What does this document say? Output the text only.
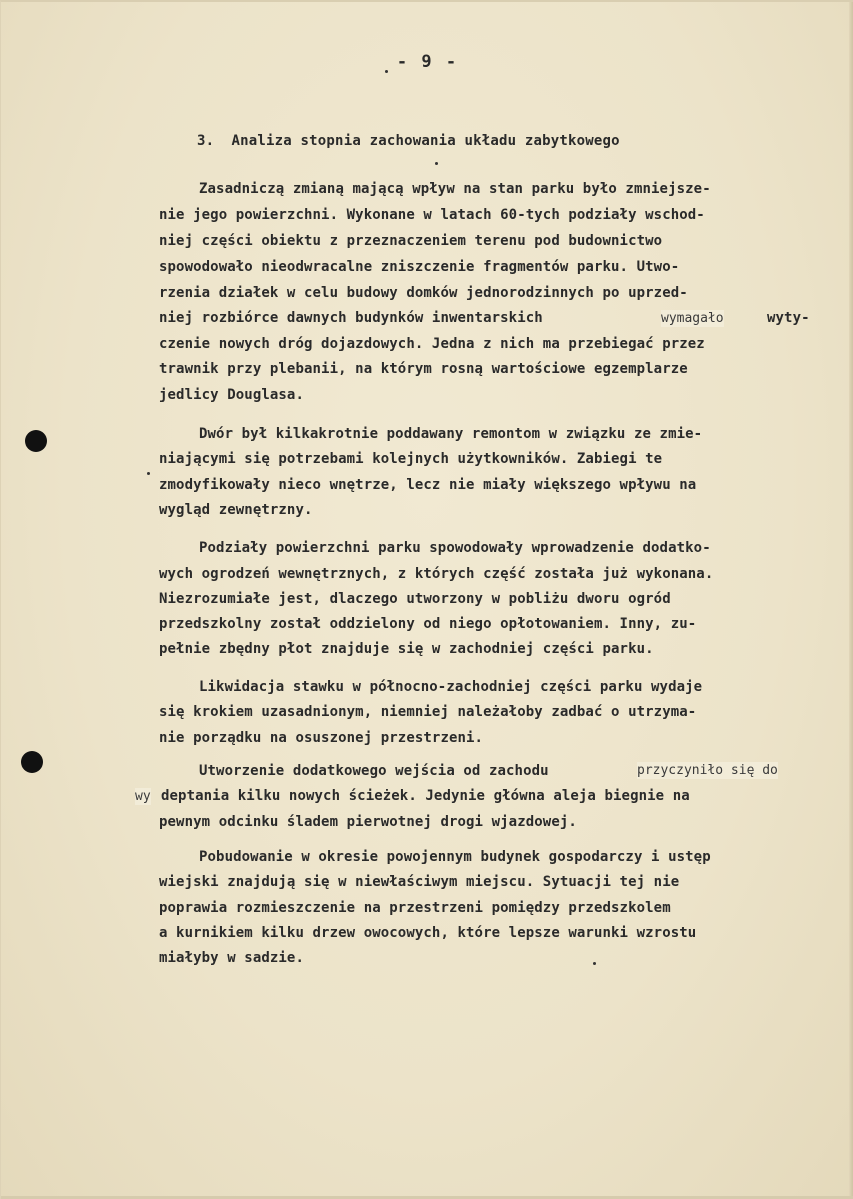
- 9 -
3.  Analiza stopnia zachowania układu zabytkowego
Zasadniczą zmianą mającą wpływ na stan parku było zmniejsze-
nie jego powierzchni. Wykonane w latach 60-tych podziały wschod-
niej części obiektu z przeznaczeniem terenu pod budownictwo
spowodowało nieodwracalne zniszczenie fragmentów parku. Utwo-
rzenia działek w celu budowy domków jednorodzinnych po uprzed-
niej rozbiórce dawnych budynków inwentarskich	wymagało	wyty-
czenie nowych dróg dojazdowych. Jedna z nich ma przebiegać przez
trawnik przy plebanii, na którym rosną wartościowe egzemplarze
jedlicy Douglasa.
Dwór był kilkakrotnie poddawany remontom w związku ze zmie-
niającymi się potrzebami kolejnych użytkowników. Zabiegi te
zmodyfikowały nieco wnętrze, lecz nie miały większego wpływu na
wygląd zewnętrzny.
Podziały powierzchni parku spowodowały wprowadzenie dodatko-
wych ogrodzeń wewnętrznych, z których część została już wykonana.
Niezrozumiałe jest, dlaczego utworzony w pobliżu dworu ogród
przedszkolny został oddzielony od niego opłotowaniem. Inny, zu-
pełnie zbędny płot znajduje się w zachodniej części parku.
Likwidacja stawku w północno-zachodniej części parku wydaje
się krokiem uzasadnionym, niemniej należałoby zadbać o utrzyma-
nie porządku na osuszonej przestrzeni.
Utworzenie dodatkowego wejścia od zachodu	przyczyniło się do
wy deptania kilku nowych ścieżek. Jedynie główna aleja biegnie na
pewnym odcinku śladem pierwotnej drogi wjazdowej.
Pobudowanie w okresie powojennym budynek gospodarczy i ustęp
wiejski znajdują się w niewłaściwym miejscu. Sytuacji tej nie
poprawia rozmieszczenie na przestrzeni pomiędzy przedszkolem
a kurnikiem kilku drzew owocowych, które lepsze warunki wzrostu
miałyby w sadzie.
